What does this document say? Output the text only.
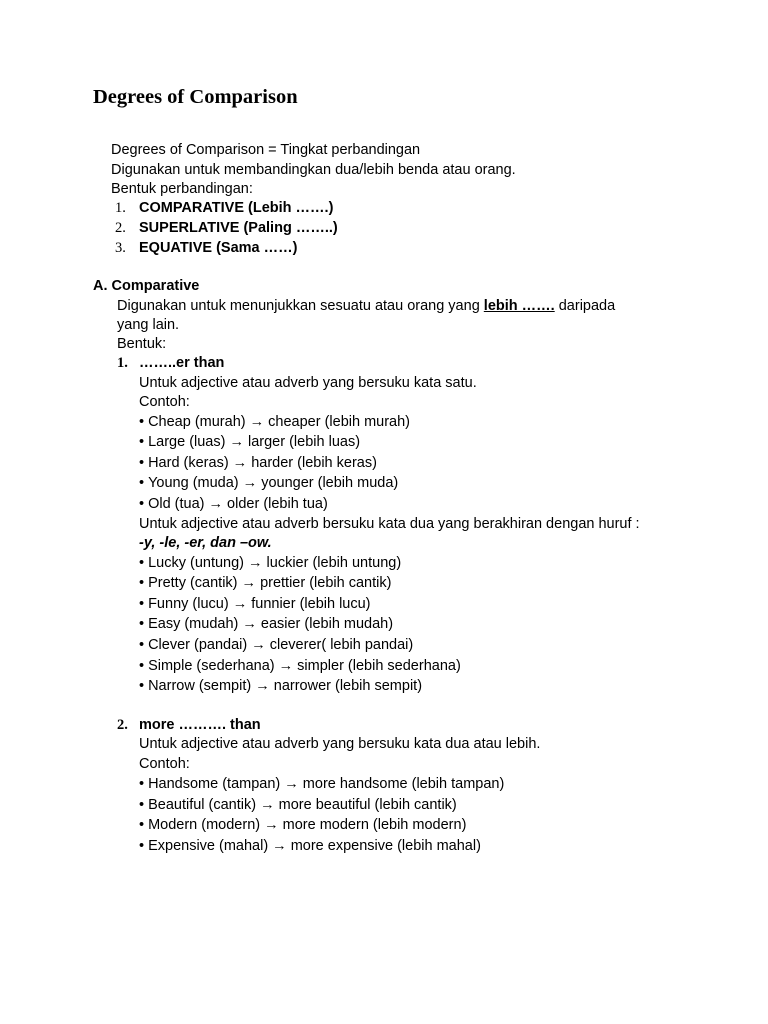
Degrees of Comparison
Degrees of Comparison = Tingkat perbandingan
Digunakan untuk membandingkan dua/lebih benda atau orang.
Bentuk perbandingan:
1. COMPARATIVE (Lebih …….)
2. SUPERLATIVE (Paling ……..)
3. EQUATIVE (Sama ……)
A. Comparative
Digunakan untuk menunjukkan sesuatu atau orang yang lebih ……. daripada
yang lain.
Bentuk:
1. ……..er than
Untuk adjective atau adverb yang bersuku kata satu.
Contoh:
• Cheap (murah) → cheaper (lebih murah)
• Large (luas) → larger (lebih luas)
• Hard (keras) → harder (lebih keras)
• Young (muda) → younger (lebih muda)
• Old (tua) → older (lebih tua)
Untuk adjective atau adverb bersuku kata dua yang berakhiran dengan huruf :
-y, -le, -er, dan –ow.
• Lucky (untung) → luckier (lebih untung)
• Pretty (cantik) → prettier (lebih cantik)
• Funny (lucu) → funnier (lebih lucu)
• Easy (mudah) → easier (lebih mudah)
• Clever (pandai) → cleverer( lebih pandai)
• Simple (sederhana) → simpler (lebih sederhana)
• Narrow (sempit) → narrower (lebih sempit)
2. more ………. than
Untuk adjective atau adverb yang bersuku kata dua atau lebih.
Contoh:
• Handsome (tampan) → more handsome (lebih tampan)
• Beautiful (cantik) → more beautiful (lebih cantik)
• Modern (modern) → more modern (lebih modern)
• Expensive (mahal) → more expensive (lebih mahal)
